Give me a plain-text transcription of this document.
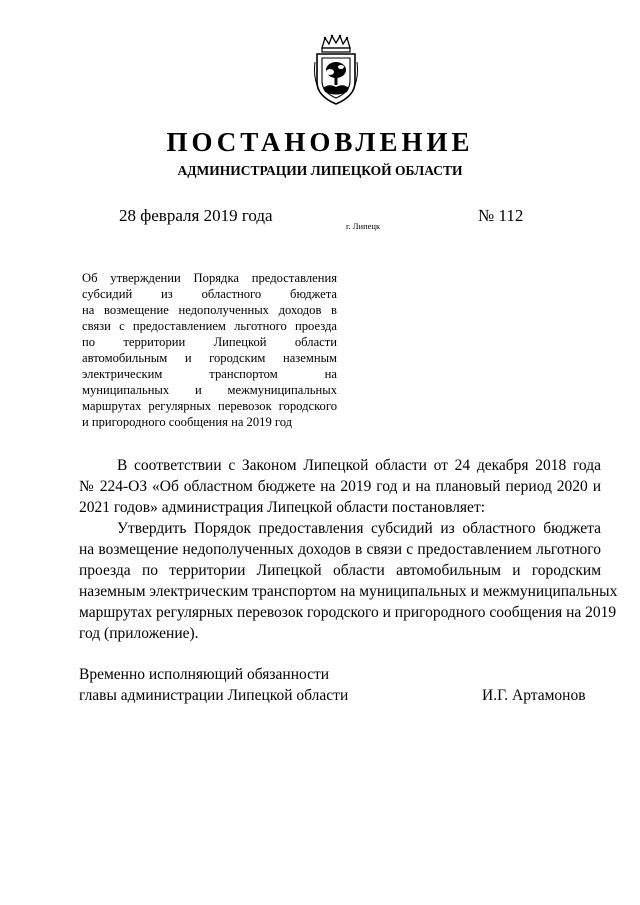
ПОСТАНОВЛЕНИЕ
АДМИНИСТРАЦИИ ЛИПЕЦКОЙ ОБЛАСТИ
28 февраля 2019 года
г. Липецк
№ 112
Об утверждении Порядка предоставления
субсидий из областного бюджета
на возмещение недополученных доходов в
связи с предоставлением льготного проезда
по территории Липецкой области
автомобильным и городским наземным
электрическим транспортом на
муниципальных и межмуниципальных
маршрутах регулярных перевозок городского
и пригородного сообщения на 2019 год
В соответствии с Законом Липецкой области от 24 декабря 2018 года
№ 224-ОЗ «Об областном бюджете на 2019 год и на плановый период 2020 и
2021 годов» администрация Липецкой области постановляет:
Утвердить Порядок предоставления субсидий из областного бюджета
на возмещение недополученных доходов в связи с предоставлением льготного
проезда по территории Липецкой области автомобильным и городским
наземным электрическим транспортом на муниципальных и межмуниципальных
маршрутах регулярных перевозок городского и пригородного сообщения на 2019
год (приложение).
Временно исполняющий обязанности
главы администрации Липецкой области	И.Г. Артамонов
